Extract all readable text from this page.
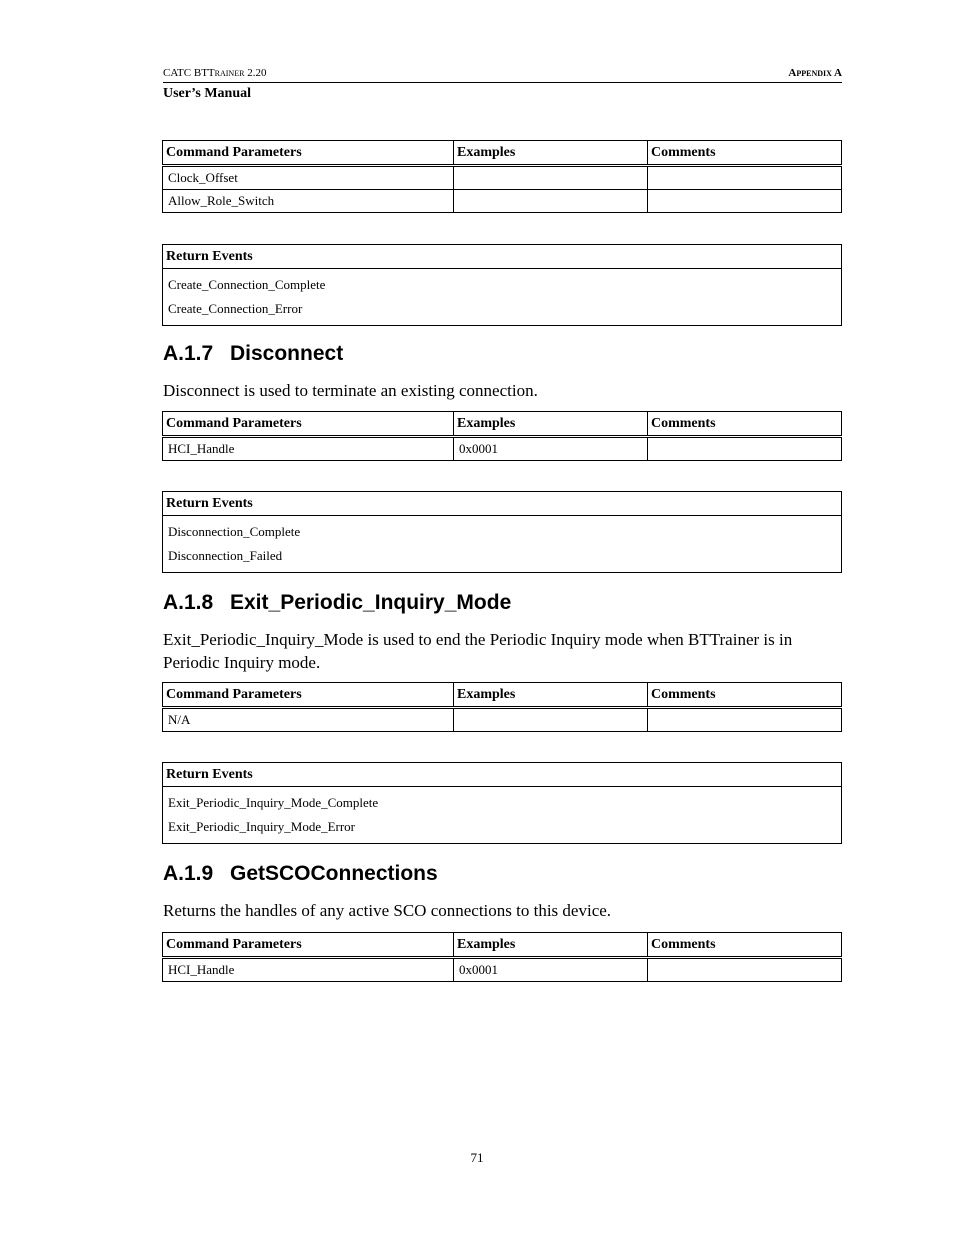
CATC BTTrainer 2.20	Appendix A
User’s Manual
Command Parameters	Examples	Comments
Clock_Offset		
Allow_Role_Switch		
Return Events

Create_Connection_Complete
Create_Connection_Error
A.1.7 Disconnect

Disconnect is used to terminate an existing connection.

Command Parameters	Examples	Comments
HCI_Handle	0x0001	
Return Events

Disconnection_Complete
Disconnection_Failed
A.1.8 Exit_Periodic_Inquiry_Mode

Exit_Periodic_Inquiry_Mode is used to end the Periodic Inquiry mode when BTTrainer is in Periodic Inquiry mode.

Command Parameters	Examples	Comments
N/A		
Return Events

Exit_Periodic_Inquiry_Mode_Complete
Exit_Periodic_Inquiry_Mode_Error
A.1.9 GetSCOConnections

Returns the handles of any active SCO connections to this device.

Command Parameters	Examples	Comments
HCI_Handle	0x0001	
71
